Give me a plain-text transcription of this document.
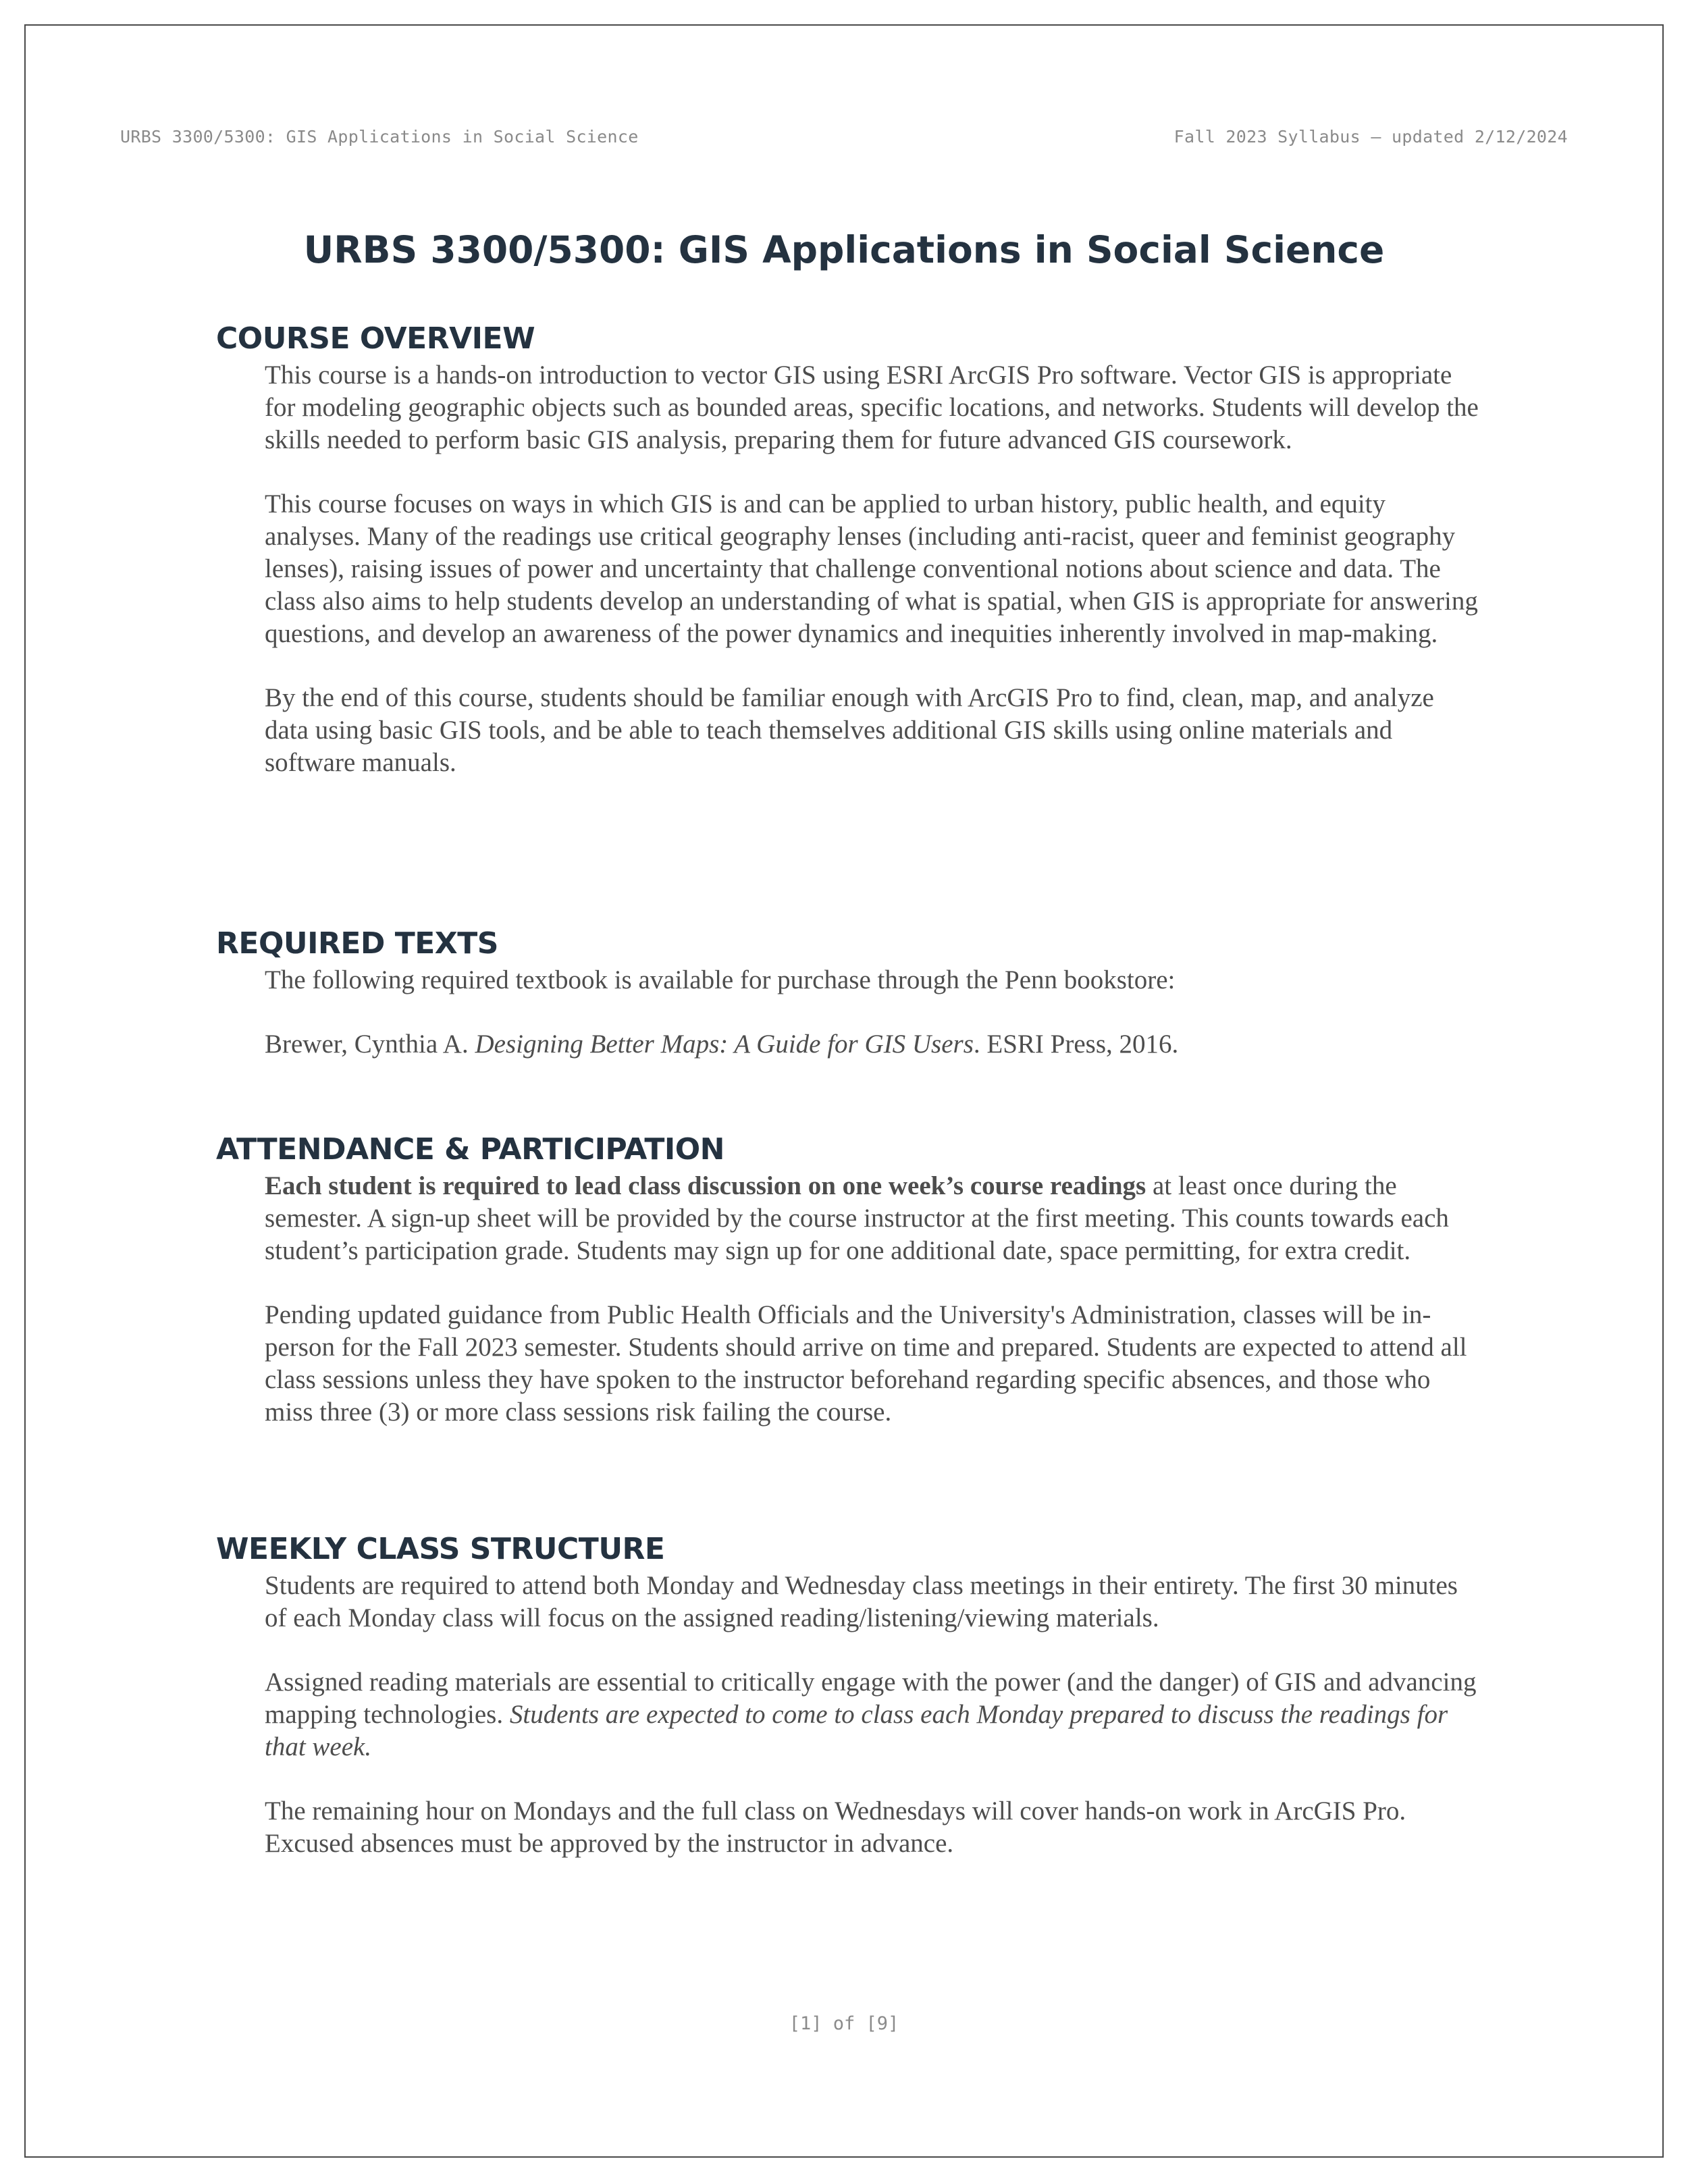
URBS 3300/5300: GIS Applications in Social Science	Fall 2023 Syllabus – updated 2/12/2024
URBS 3300/5300: GIS Applications in Social Science
COURSE OVERVIEW

This course is a hands-on introduction to vector GIS using ESRI ArcGIS Pro software. Vector GIS is appropriate for modeling geographic objects such as bounded areas, specific locations, and networks. Students will develop the skills needed to perform basic GIS analysis, preparing them for future advanced GIS coursework.

This course focuses on ways in which GIS is and can be applied to urban history, public health, and equity analyses. Many of the readings use critical geography lenses (including anti-racist, queer and feminist geography lenses), raising issues of power and uncertainty that challenge conventional notions about science and data. The class also aims to help students develop an understanding of what is spatial, when GIS is appropriate for answering questions, and develop an awareness of the power dynamics and inequities inherently involved in map-making.

By the end of this course, students should be familiar enough with ArcGIS Pro to find, clean, map, and analyze data using basic GIS tools, and be able to teach themselves additional GIS skills using online materials and software manuals.

REQUIRED TEXTS

The following required textbook is available for purchase through the Penn bookstore:

Brewer, Cynthia A. Designing Better Maps: A Guide for GIS Users. ESRI Press, 2016.

ATTENDANCE & PARTICIPATION

Each student is required to lead class discussion on one week’s course readings at least once during the semester. A sign-up sheet will be provided by the course instructor at the first meeting. This counts towards each student’s participation grade. Students may sign up for one additional date, space permitting, for extra credit.

Pending updated guidance from Public Health Officials and the University's Administration, classes will be in-person for the Fall 2023 semester. Students should arrive on time and prepared. Students are expected to attend all class sessions unless they have spoken to the instructor beforehand regarding specific absences, and those who miss three (3) or more class sessions risk failing the course.

WEEKLY CLASS STRUCTURE

Students are required to attend both Monday and Wednesday class meetings in their entirety. The first 30 minutes of each Monday class will focus on the assigned reading/listening/viewing materials.

Assigned reading materials are essential to critically engage with the power (and the danger) of GIS and advancing mapping technologies. Students are expected to come to class each Monday prepared to discuss the readings for that week.

The remaining hour on Mondays and the full class on Wednesdays will cover hands-on work in ArcGIS Pro. Excused absences must be approved by the instructor in advance.

[1] of [9]
